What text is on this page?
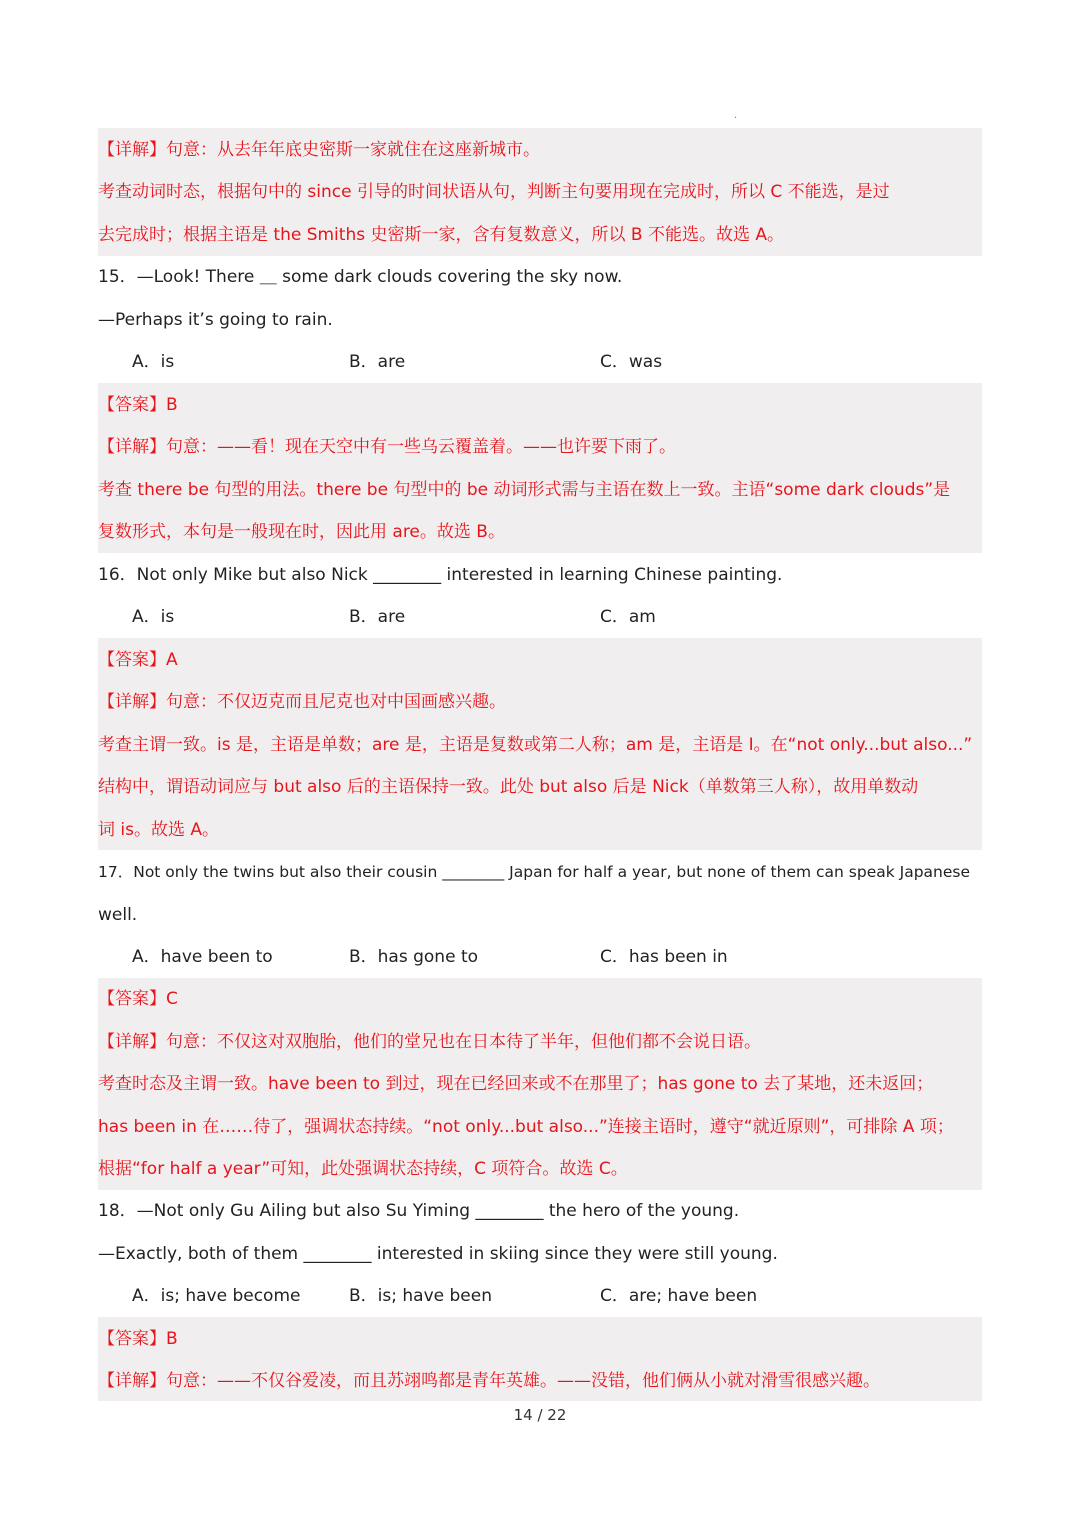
.
【详解】句意：从去年年底史密斯一家就住在这座新城市。
考查动词时态，根据句中的 since 引导的时间状语从句，判断主句要用现在完成时，所以 C 不能选，是过
去完成时；根据主语是 the Smiths 史密斯一家，含有复数意义，所以 B 不能选。故选 A。
15．—Look! There ＿ some dark clouds covering the sky now.
—Perhaps it’s going to rain.
A．is	B．are	C．was
【答案】B
【详解】句意：——看！现在天空中有一些乌云覆盖着。——也许要下雨了。
考查 there be 句型的用法。there be 句型中的 be 动词形式需与主语在数上一致。主语“some dark clouds”是
复数形式，本句是一般现在时，因此用 are。故选 B。
16．Not only Mike but also Nick ________ interested in learning Chinese painting.
A．is	B．are	C．am
【答案】A
【详解】句意：不仅迈克而且尼克也对中国画感兴趣。
考查主谓一致。is 是，主语是单数；are 是，主语是复数或第二人称；am 是，主语是 I。在“not only...but also...”
结构中，谓语动词应与 but also 后的主语保持一致。此处 but also 后是 Nick（单数第三人称），故用单数动
词 is。故选 A。
17．Not only the twins but also their cousin ________ Japan for half a year, but none of them can speak Japanese
well.
A．have been to	B．has gone to	C．has been in
【答案】C
【详解】句意：不仅这对双胞胎，他们的堂兄也在日本待了半年，但他们都不会说日语。
考查时态及主谓一致。have been to 到过，现在已经回来或不在那里了；has gone to 去了某地，还未返回；
has been in 在……待了，强调状态持续。“not only...but also...”连接主语时，遵守“就近原则”，可排除 A 项；
根据“for half a year”可知，此处强调状态持续，C 项符合。故选 C。
18．—Not only Gu Ailing but also Su Yiming ________ the hero of the young.
—Exactly, both of them ________ interested in skiing since they were still young.
A．is; have become	B．is; have been	C．are; have been
【答案】B
【详解】句意：——不仅谷爱凌，而且苏翊鸣都是青年英雄。——没错，他们俩从小就对滑雪很感兴趣。
14 / 22
